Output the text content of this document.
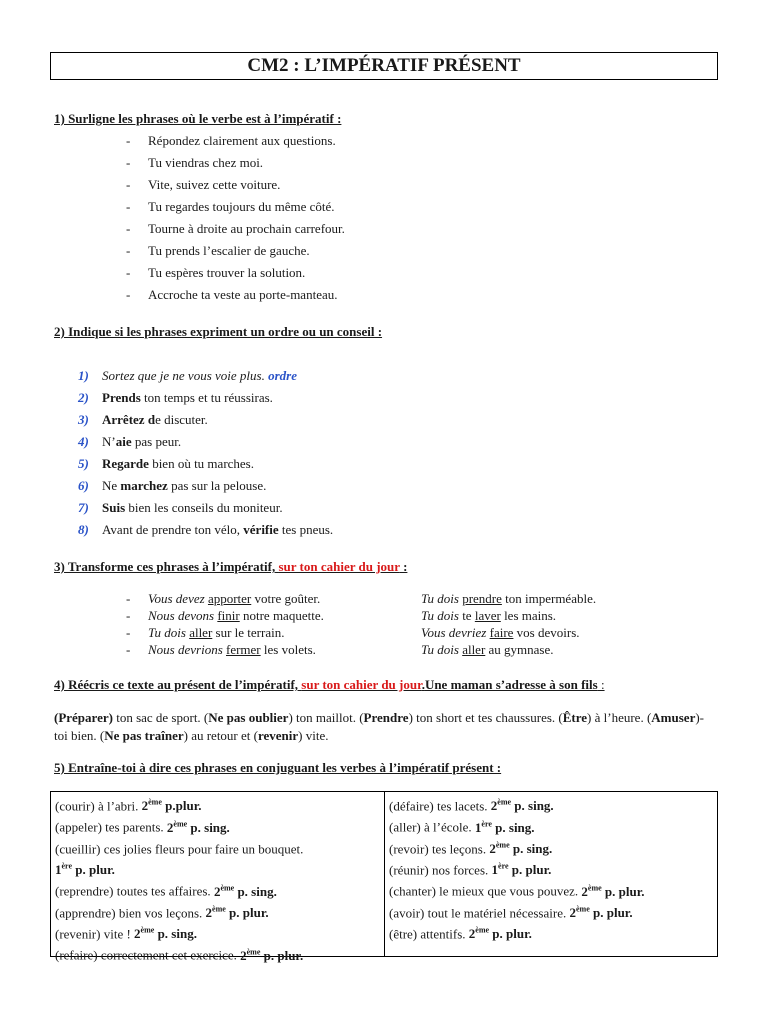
CM2 : L’IMPÉRATIF PRÉSENT
1) Surligne les phrases où le verbe est à l’impératif :
- Répondez clairement aux questions.
- Tu viendras chez moi.
- Vite, suivez cette voiture.
- Tu regardes toujours du même côté.
- Tourne à droite au prochain carrefour.
- Tu prends l’escalier de gauche.
- Tu espères trouver la solution.
- Accroche ta veste au porte-manteau.
2) Indique si les phrases expriment un ordre ou un conseil :
1)
2)
3)
4)
5)
6)
7)
8)
Sortez que je ne vous voie plus. ordre
Prends ton temps et tu réussiras.
Arrêtez de discuter.
N’aie pas peur.
Regarde bien où tu marches.
Ne marchez pas sur la pelouse.
Suis bien les conseils du moniteur.
Avant de prendre ton vélo, vérifie tes pneus.
3) Transforme ces phrases à l’impératif, sur ton cahier du jour :
- Vous devez apporter votre goûter.
- Nous devons finir notre maquette.
- Tu dois aller sur le terrain.
- Nous devrions fermer les volets.
Tu dois prendre ton imperméable.
Tu dois te laver les mains.
Vous devriez faire vos devoirs.
Tu dois aller au gymnase.
4) Réécris ce texte au présent de l’impératif, sur ton cahier du jour.Une maman s’adresse à son fils :
(Préparer) ton sac de sport. (Ne pas oublier) ton maillot. (Prendre) ton short et tes chaussures. (Être) à l’heure. (Amuser)- toi bien. (Ne pas traîner) au retour et (revenir) vite.
5) Entraîne-toi à dire ces phrases en conjuguant les verbes à l’impératif présent :
(courir) à l’abri. 2ème p.plur.
(appeler) tes parents. 2ème p. sing.
(cueillir) ces jolies fleurs pour faire un bouquet.
1ère p. plur.
(reprendre) toutes tes affaires. 2ème p. sing.
(apprendre) bien vos leçons. 2ème p. plur.
(revenir) vite ! 2ème p. sing.
(refaire) correctement cet exercice. 2ème p. plur.
(défaire) tes lacets. 2ème p. sing.
(aller) à l’école. 1ère p. sing.
(revoir) tes leçons. 2ème p. sing.
(réunir) nos forces. 1ère p. plur.
(chanter) le mieux que vous pouvez. 2ème p. plur.
(avoir) tout le matériel nécessaire. 2ème p. plur.
(être) attentifs. 2ème p. plur.
